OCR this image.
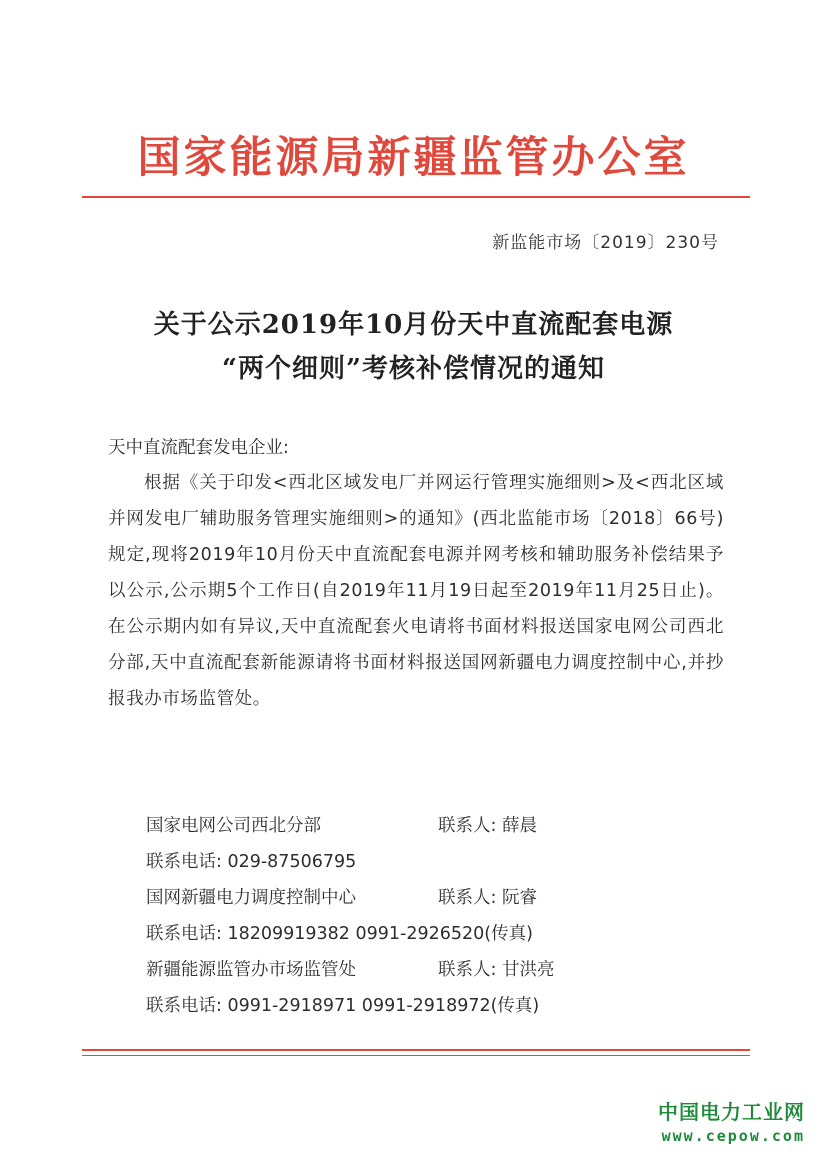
国家能源局新疆监管办公室
新监能市场〔2019〕230号
关于公示2019年10月份天中直流配套电源
“两个细则”考核补偿情况的通知
天中直流配套发电企业:
根据《关于印发<西北区域发电厂并网运行管理实施细则>及<西北区域并网发电厂辅助服务管理实施细则>的通知》(西北监能市场〔2018〕66号)规定,现将2019年10月份天中直流配套电源并网考核和辅助服务补偿结果予以公示,公示期5个工作日(自2019年11月19日起至2019年11月25日止)。在公示期内如有异议,天中直流配套火电请将书面材料报送国家电网公司西北分部,天中直流配套新能源请将书面材料报送国网新疆电力调度控制中心,并抄报我办市场监管处。
国家电网公司西北分部	联系人: 薛晨
联系电话: 029-87506795
国网新疆电力调度控制中心	联系人: 阮睿
联系电话: 18209919382 0991-2926520(传真)
新疆能源监管办市场监管处	联系人: 甘洪亮
联系电话: 0991-2918971 0991-2918972(传真)
中国电力工业网
www.cepow.com
